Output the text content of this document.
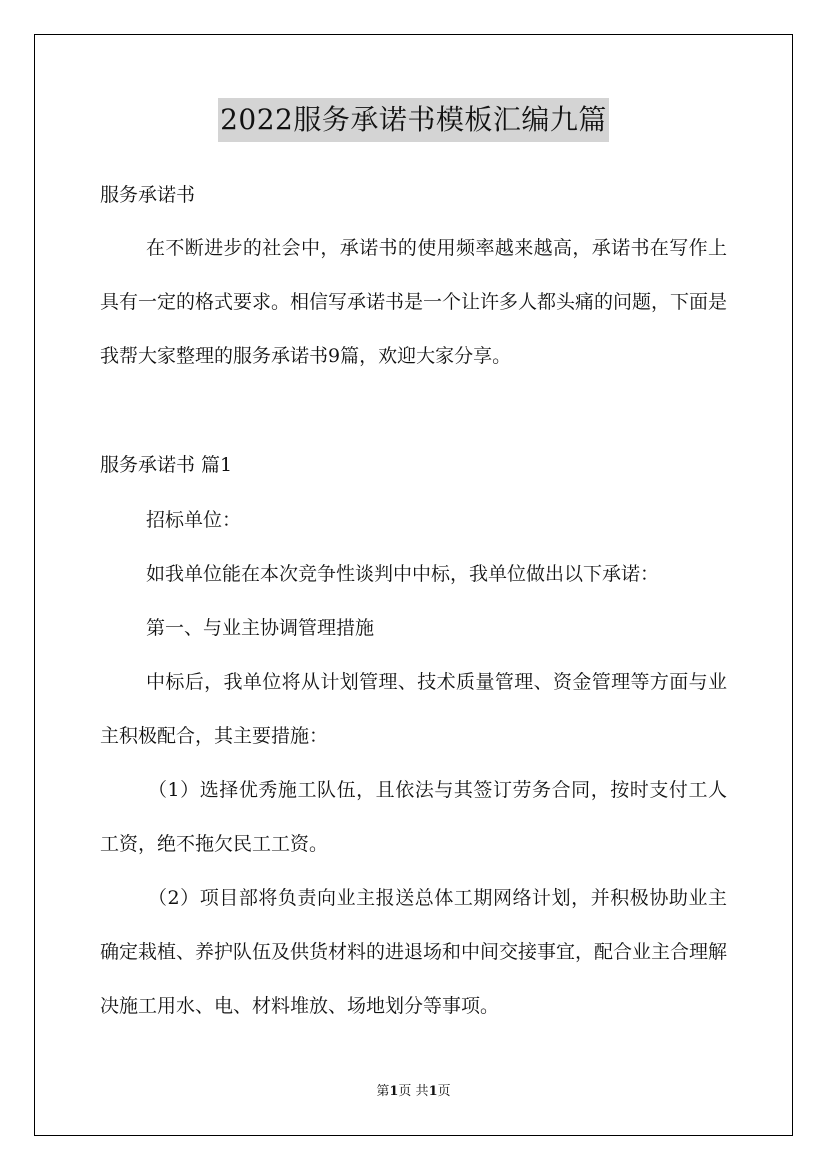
2022服务承诺书模板汇编九篇

服务承诺书

在不断进步的社会中，承诺书的使用频率越来越高，承诺书在写作上具有一定的格式要求。相信写承诺书是一个让许多人都头痛的问题，下面是我帮大家整理的服务承诺书9篇，欢迎大家分享。

服务承诺书 篇1

招标单位：

如我单位能在本次竞争性谈判中中标，我单位做出以下承诺：

第一、与业主协调管理措施

中标后，我单位将从计划管理、技术质量管理、资金管理等方面与业主积极配合，其主要措施：

（1）选择优秀施工队伍，且依法与其签订劳务合同，按时支付工人工资，绝不拖欠民工工资。

（2）项目部将负责向业主报送总体工期网络计划，并积极协助业主确定栽植、养护队伍及供货材料的进退场和中间交接事宜，配合业主合理解决施工用水、电、材料堆放、场地划分等事项。

第1页 共1页
